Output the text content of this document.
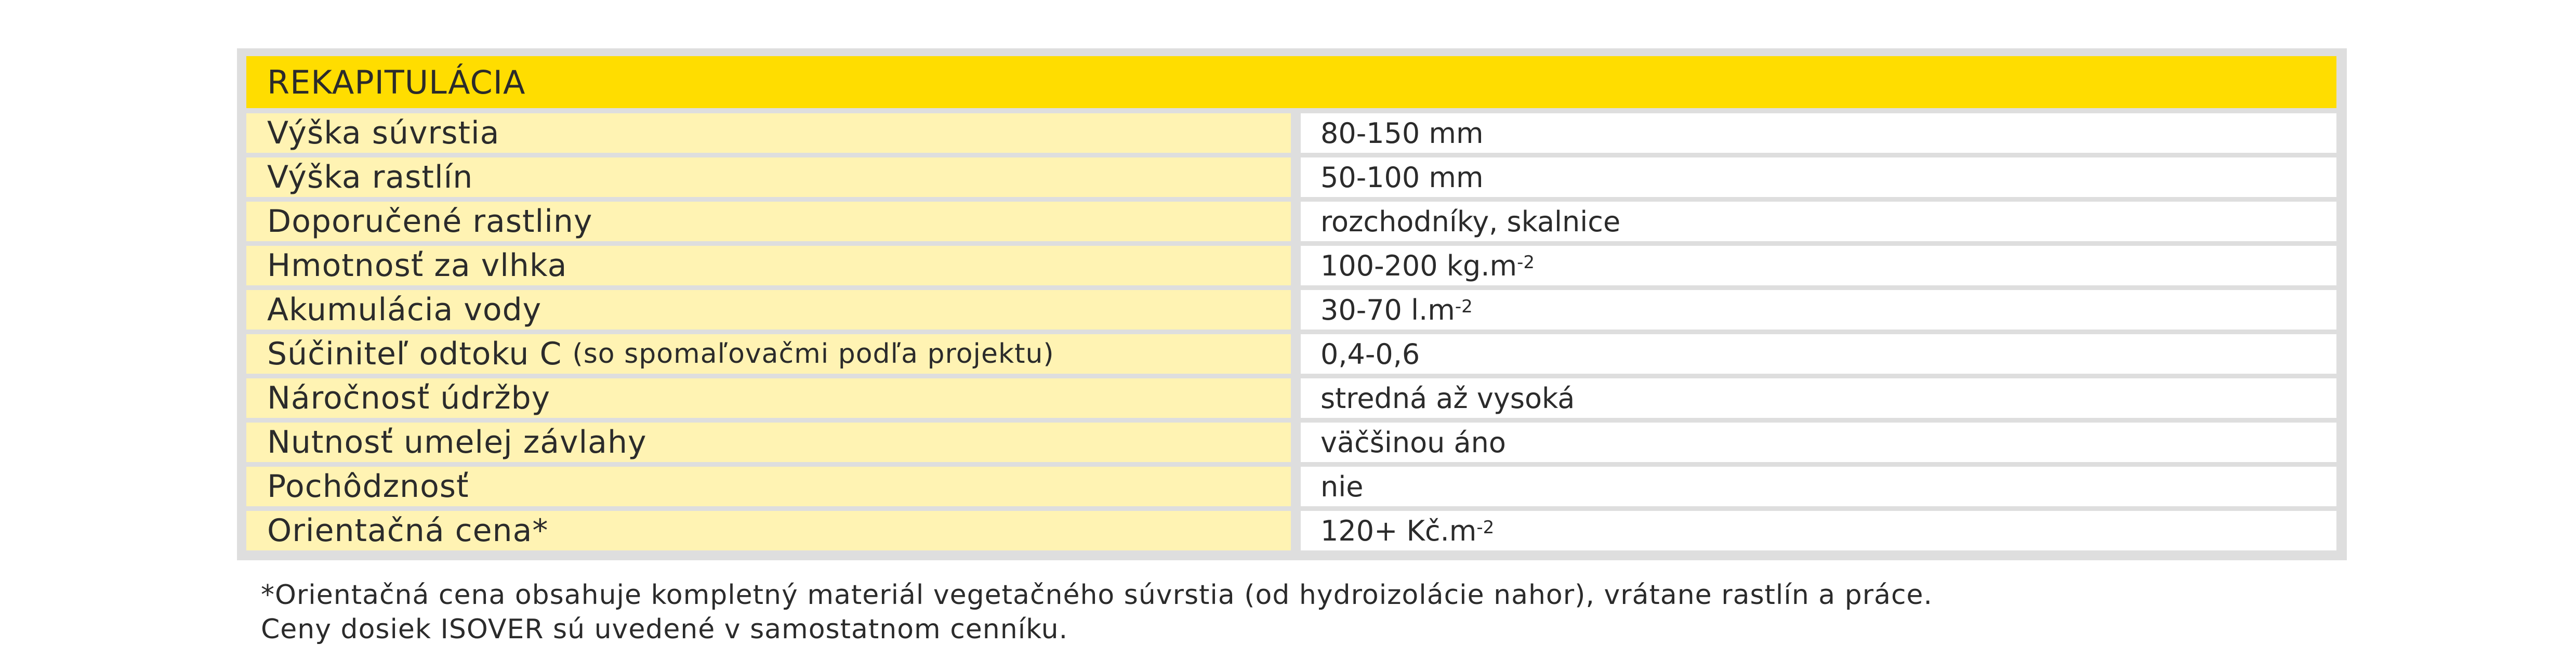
REKAPITULÁCIA
Výška súvrstia	80-150 mm
Výška rastlín	50-100 mm
Doporučené rastliny	rozchodníky, skalnice
Hmotnosť za vlhka	100-200 $kg.m^{-2}$
Akumulácia vody	30-70 $l.m^{-2}$
Súčiniteľ odtoku C (so spomaľovačmi podľa projektu)	0,4-0,6
Náročnosť údržby	stredná až vysoká
Nutnosť umelej závlahy	väčšinou áno
Pochôdznosť	nie
Orientačná cena*	$120+ Kč.m^{-2}$
*Orientačná cena obsahuje kompletný materiál vegetačného súvrstia (od hydroizolácie nahor), vrátane rastlín a práce.
Ceny dosiek ISOVER sú uvedené v samostatnom cenníku.
